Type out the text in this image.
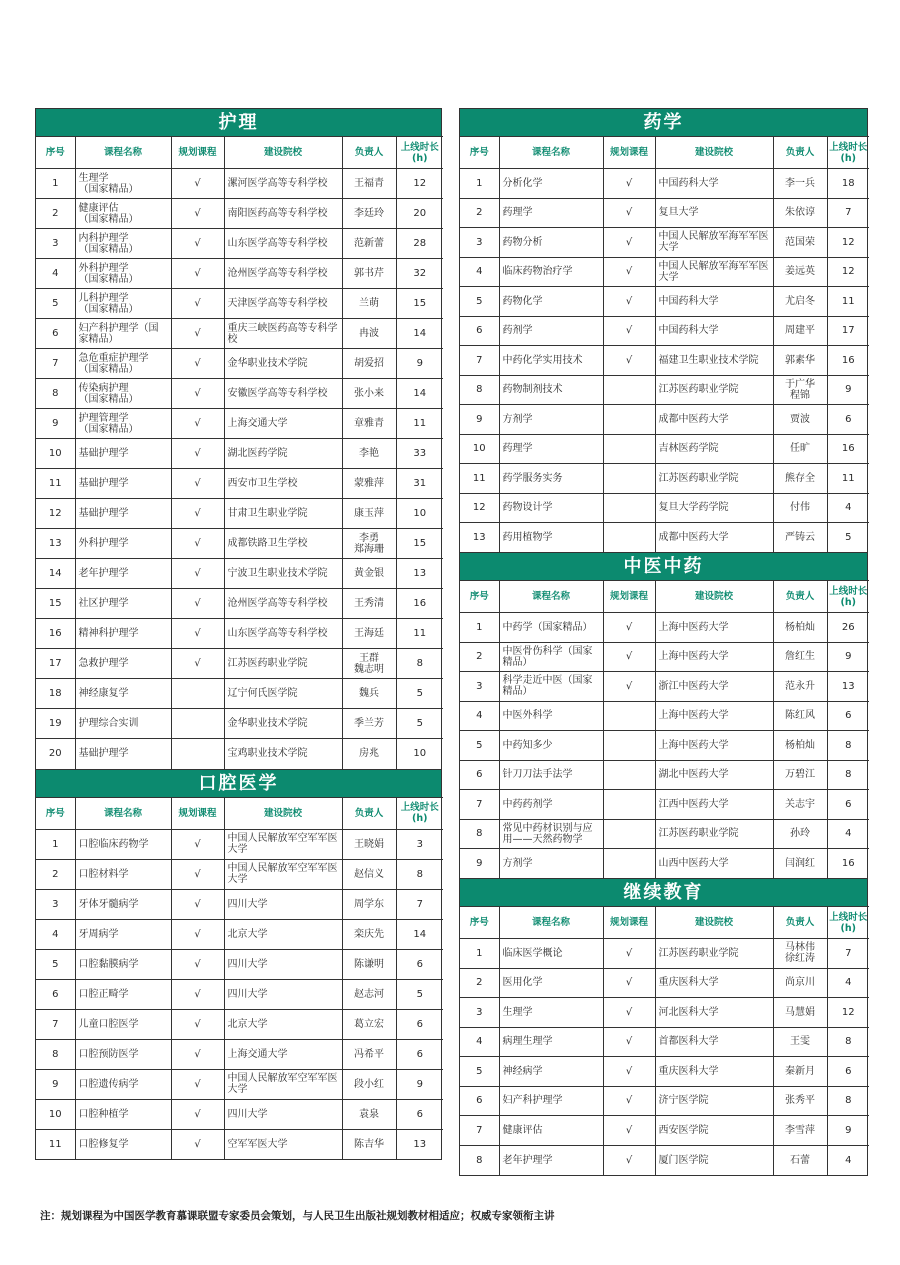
护理
序号	课程名称	规划课程	建设院校	负责人	上线时长
(h)
1	生理学
（国家精品）	√	漯河医学高等专科学校	王福青	12
2	健康评估
（国家精品）	√	南阳医药高等专科学校	李廷玲	20
3	内科护理学
（国家精品）	√	山东医学高等专科学校	范新蕾	28
4	外科护理学
（国家精品）	√	沧州医学高等专科学校	郭书芹	32
5	儿科护理学
（国家精品）	√	天津医学高等专科学校	兰萌	15
6	妇产科护理学（国家精品）	√	重庆三峡医药高等专科学校	冉波	14
7	急危重症护理学
（国家精品）	√	金华职业技术学院	胡爱招	9
8	传染病护理
（国家精品）	√	安徽医学高等专科学校	张小来	14
9	护理管理学
（国家精品）	√	上海交通大学	章雅青	11
10	基础护理学	√	湖北医药学院	李艳	33
11	基础护理学	√	西安市卫生学校	蒙雅萍	31
12	基础护理学	√	甘肃卫生职业学院	康玉萍	10
13	外科护理学	√	成都铁路卫生学校	李勇
郑海珊	15
14	老年护理学	√	宁波卫生职业技术学院	黄金银	13
15	社区护理学	√	沧州医学高等专科学校	王秀清	16
16	精神科护理学	√	山东医学高等专科学校	王海廷	11
17	急救护理学	√	江苏医药职业学院	王群
魏志明	8
18	神经康复学		辽宁何氏医学院	魏兵	5
19	护理综合实训		金华职业技术学院	季兰芳	5
20	基础护理学		宝鸡职业技术学院	房兆	10
口腔医学
序号	课程名称	规划课程	建设院校	负责人	上线时长
(h)
1	口腔临床药物学	√	中国人民解放军空军军医大学	王晓娟	3
2	口腔材料学	√	中国人民解放军空军军医大学	赵信义	8
3	牙体牙髓病学	√	四川大学	周学东	7
4	牙周病学	√	北京大学	栾庆先	14
5	口腔黏膜病学	√	四川大学	陈谦明	6
6	口腔正畸学	√	四川大学	赵志河	5
7	儿童口腔医学	√	北京大学	葛立宏	6
8	口腔预防医学	√	上海交通大学	冯希平	6
9	口腔遗传病学	√	中国人民解放军空军军医大学	段小红	9
10	口腔种植学	√	四川大学	袁泉	6
11	口腔修复学	√	空军军医大学	陈吉华	13
药学
序号	课程名称	规划课程	建设院校	负责人	上线时长
(h)
1	分析化学	√	中国药科大学	李一兵	18
2	药理学	√	复旦大学	朱依谆	7
3	药物分析	√	中国人民解放军海军军医大学	范国荣	12
4	临床药物治疗学	√	中国人民解放军海军军医大学	姜远英	12
5	药物化学	√	中国药科大学	尤启冬	11
6	药剂学	√	中国药科大学	周建平	17
7	中药化学实用技术	√	福建卫生职业技术学院	郭素华	16
8	药物制剂技术		江苏医药职业学院	于广华
程锦	9
9	方剂学		成都中医药大学	贾波	6
10	药理学		吉林医药学院	任旷	16
11	药学服务实务		江苏医药职业学院	熊存全	11
12	药物设计学		复旦大学药学院	付伟	4
13	药用植物学		成都中医药大学	严铸云	5
中医中药
序号	课程名称	规划课程	建设院校	负责人	上线时长
(h)
1	中药学（国家精品）	√	上海中医药大学	杨柏灿	26
2	中医骨伤科学（国家精品）	√	上海中医药大学	詹红生	9
3	科学走近中医（国家精品）	√	浙江中医药大学	范永升	13
4	中医外科学		上海中医药大学	陈红风	6
5	中药知多少		上海中医药大学	杨柏灿	8
6	针刀刀法手法学		湖北中医药大学	万碧江	8
7	中药药剂学		江西中医药大学	关志宇	6
8	常见中药材识别与应用——天然药物学		江苏医药职业学院	孙玲	4
9	方剂学		山西中医药大学	闫润红	16
继续教育
序号	课程名称	规划课程	建设院校	负责人	上线时长
(h)
1	临床医学概论	√	江苏医药职业学院	马林伟
徐红涛	7
2	医用化学	√	重庆医科大学	尚京川	4
3	生理学	√	河北医科大学	马慧娟	12
4	病理生理学	√	首都医科大学	王雯	8
5	神经病学	√	重庆医科大学	秦新月	6
6	妇产科护理学	√	济宁医学院	张秀平	8
7	健康评估	√	西安医学院	李雪萍	9
8	老年护理学	√	厦门医学院	石蕾	4
注：规划课程为中国医学教育慕课联盟专家委员会策划，与人民卫生出版社规划教材相适应；权威专家领衔主讲
